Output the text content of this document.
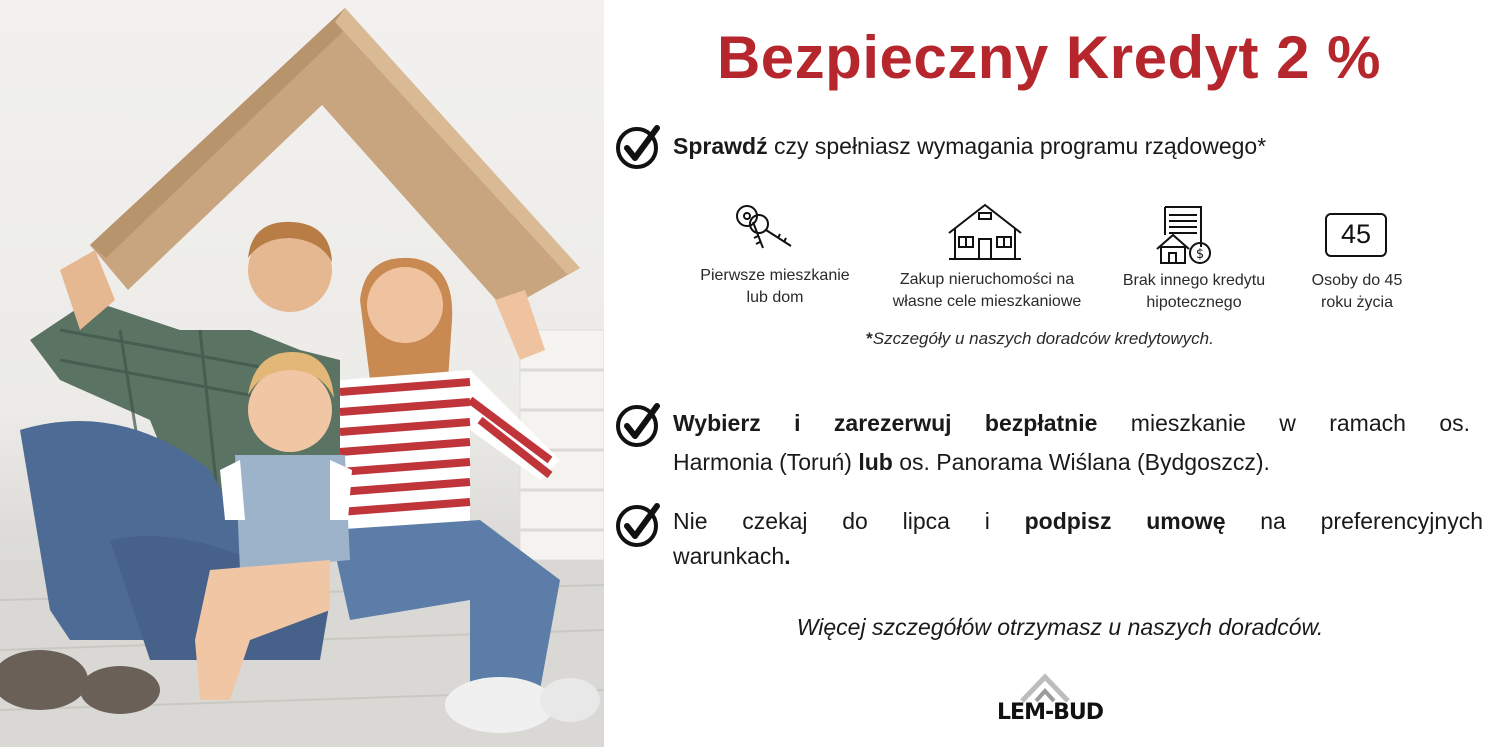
Bezpieczny Kredyt 2 %
Sprawdź czy spełniasz wymagania programu rządowego*
Pierwsze mieszkanie
lub dom
Zakup nieruchomości na
własne cele mieszkaniowe
$
Brak innego kredytu
hipotecznego
45
Osoby do 45
roku życia
*Szczegóły u naszych doradców kredytowych.
Wybierz i zarezerwuj bezpłatnie mieszkanie w ramach os.
Harmonia (Toruń) lub os. Panorama Wiślana (Bydgoszcz).
Nie czekaj do lipca i podpisz umowę na preferencyjnych
warunkach.
Więcej szczegółów otrzymasz u naszych doradców.
LEM-BUD
